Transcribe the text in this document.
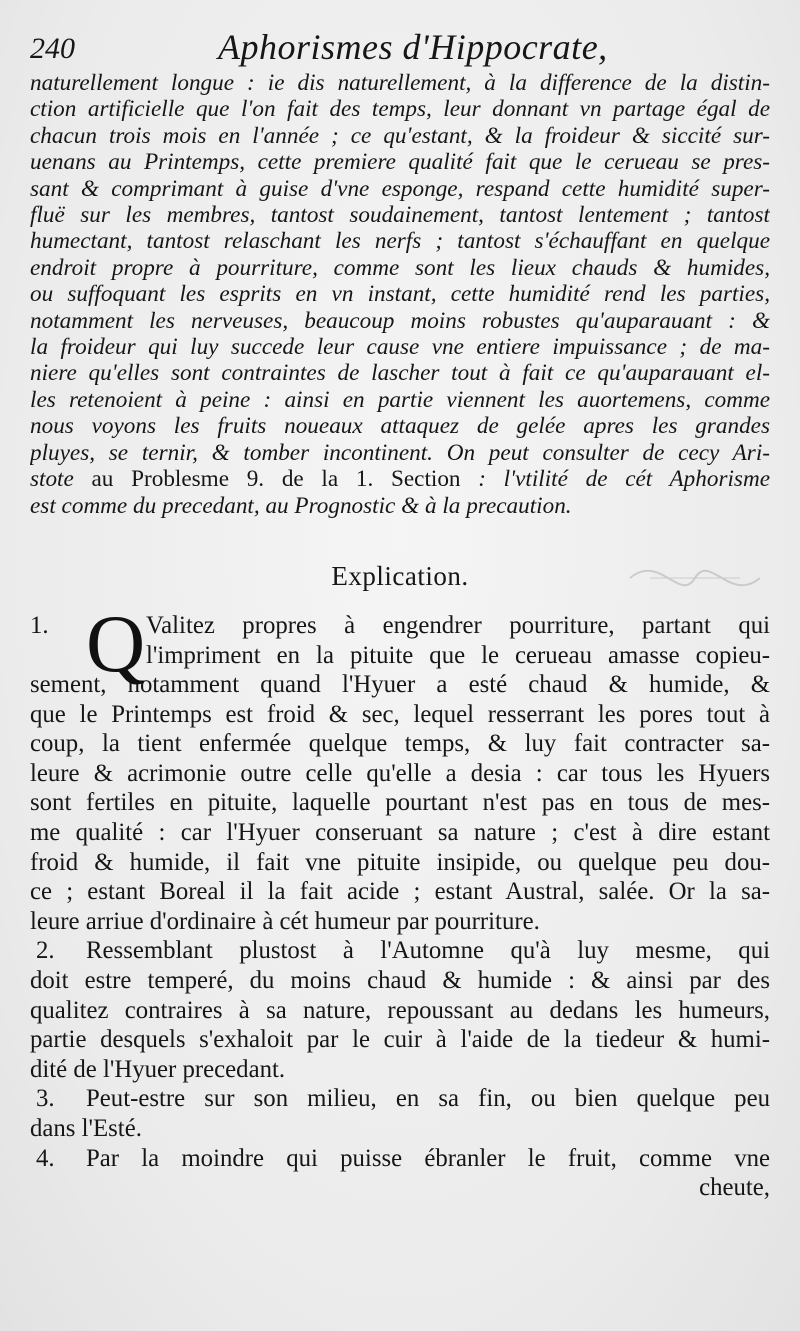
240	Aphorismes d'Hippocrate,
naturellement longue : ie dis naturellement, à la difference de la distin-
ction artificielle que l'on fait des temps, leur donnant vn partage égal de
chacun trois mois en l'année ; ce qu'estant, & la froideur & siccité sur-
uenans au Printemps, cette premiere qualité fait que le cerueau se pres-
sant & comprimant à guise d'vne esponge, respand cette humidité super-
fluë sur les membres, tantost soudainement, tantost lentement ; tantost
humectant, tantost relaschant les nerfs ; tantost s'échauffant en quelque
endroit propre à pourriture, comme sont les lieux chauds & humides,
ou suffoquant les esprits en vn instant, cette humidité rend les parties,
notamment les nerveuses, beaucoup moins robustes qu'auparauant : &
la froideur qui luy succede leur cause vne entiere impuissance ; de ma-
niere qu'elles sont contraintes de lascher tout à fait ce qu'auparauant el-
les retenoient à peine : ainsi en partie viennent les auortemens, comme
nous voyons les fruits noueaux attaquez de gelée apres les grandes
pluyes, se ternir, & tomber incontinent. On peut consulter de cecy Ari-
stote au Problesme 9. de la 1. Section : l'vtilité de cét Aphorisme
est comme du precedant, au Prognostic & à la precaution.
Explication.
1. Q Valitez propres à engendrer pourriture, partant qui
l'impriment en la pituite que le cerueau amasse copieu-
sement, notamment quand l'Hyuer a esté chaud & humide, &
que le Printemps est froid & sec, lequel resserrant les pores tout à
coup, la tient enfermée quelque temps, & luy fait contracter sa-
leure & acrimonie outre celle qu'elle a desia : car tous les Hyuers
sont fertiles en pituite, laquelle pourtant n'est pas en tous de mes-
me qualité : car l'Hyuer conseruant sa nature ; c'est à dire estant
froid & humide, il fait vne pituite insipide, ou quelque peu dou-
ce ; estant Boreal il la fait acide ; estant Austral, salée. Or la sa-
leure arriue d'ordinaire à cét humeur par pourriture.
2. Ressemblant plustost à l'Automne qu'à luy mesme, qui
doit estre temperé, du moins chaud & humide : & ainsi par des
qualitez contraires à sa nature, repoussant au dedans les humeurs,
partie desquels s'exhaloit par le cuir à l'aide de la tiedeur & humi-
dité de l'Hyuer precedant.
3. Peut-estre sur son milieu, en sa fin, ou bien quelque peu
dans l'Esté.
4. Par la moindre qui puisse ébranler le fruit, comme vne
cheute,
